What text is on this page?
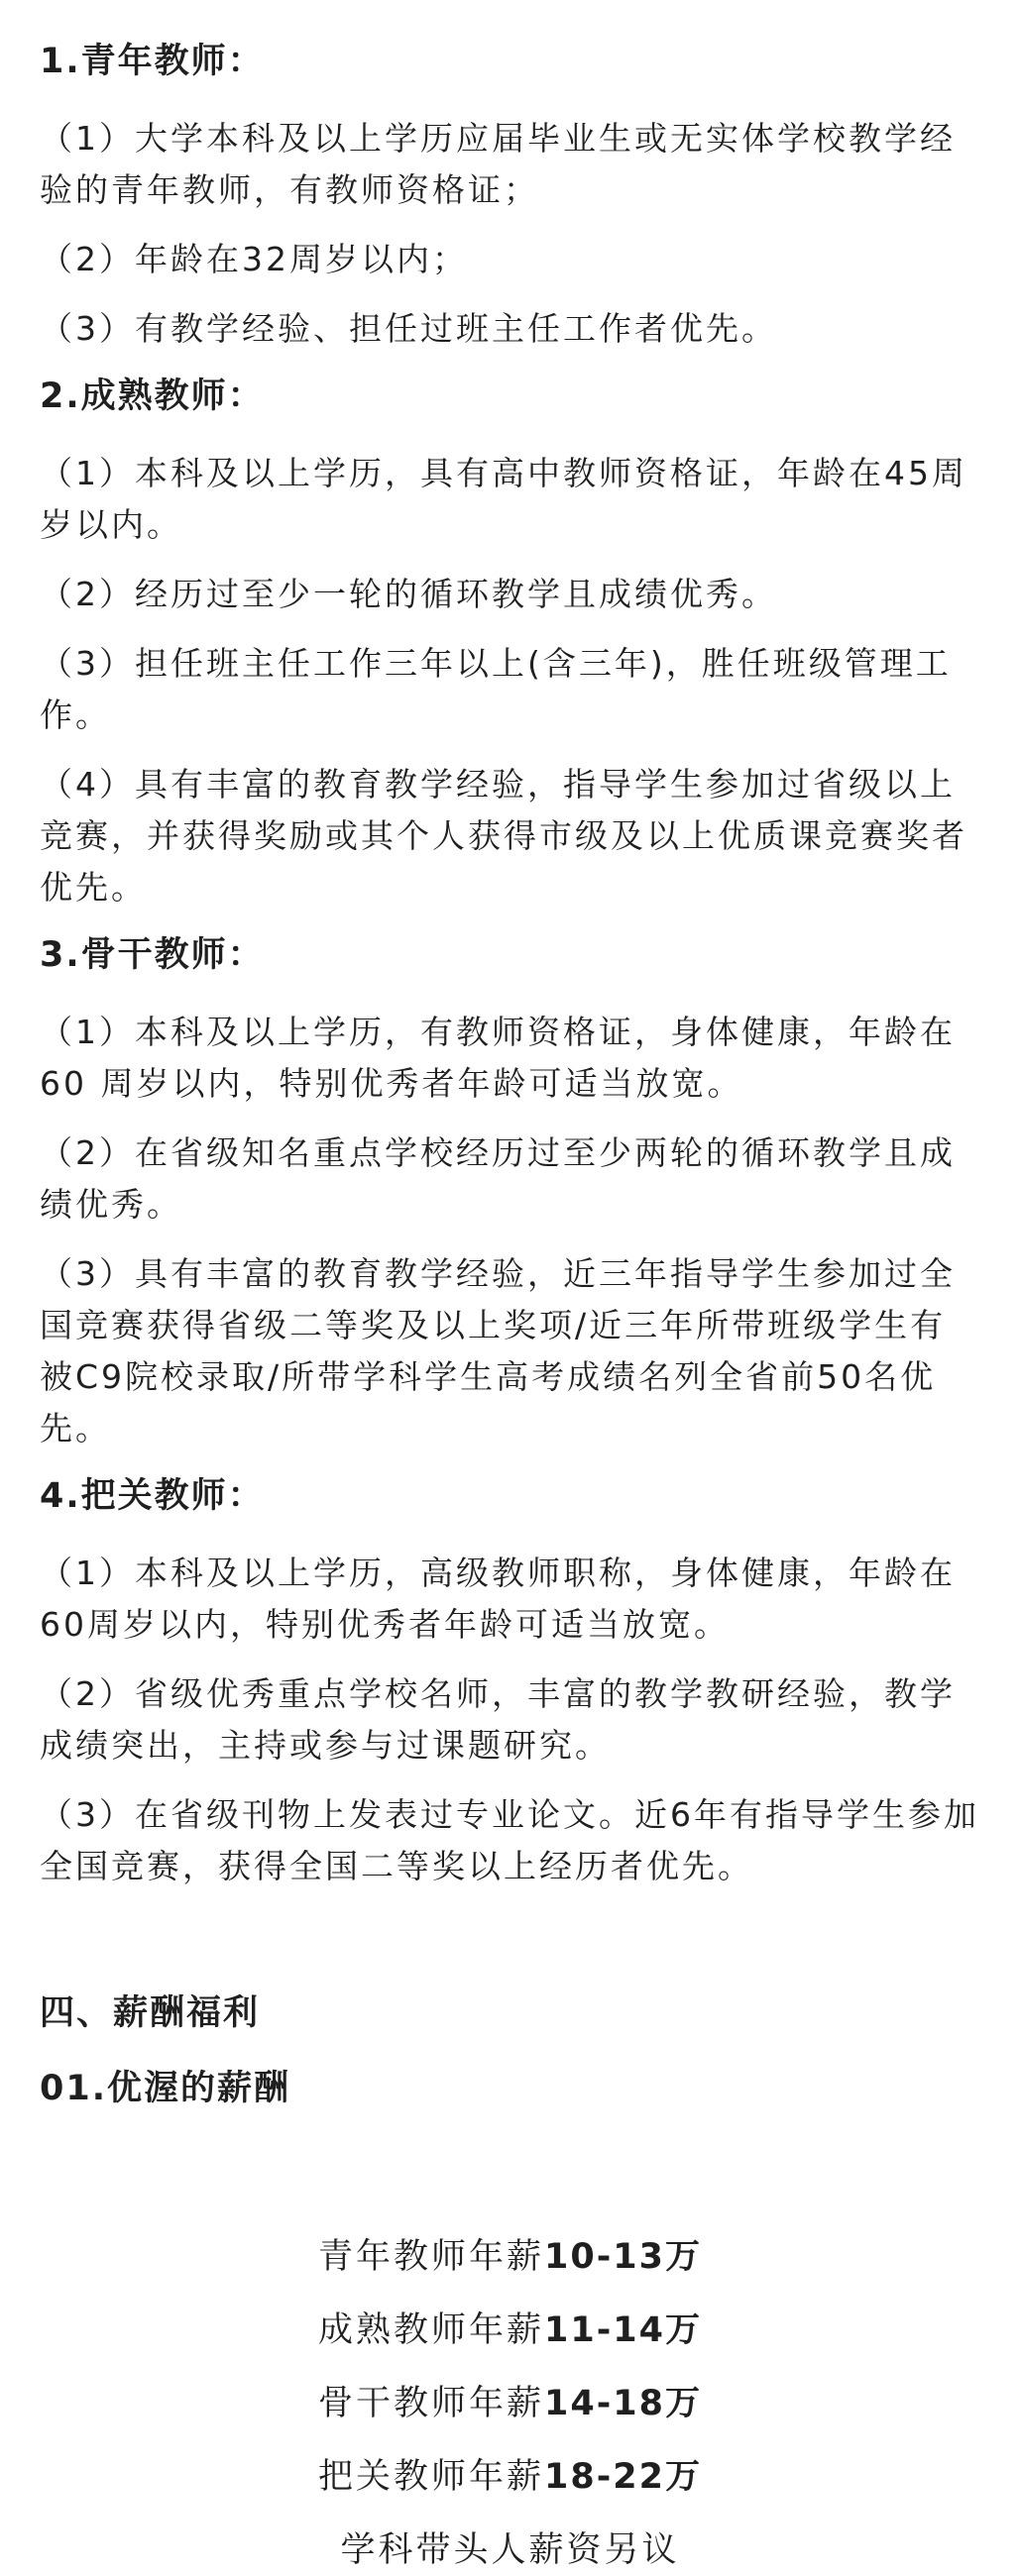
1.青年教师：
（1）大学本科及以上学历应届毕业生或无实体学校教学经验的青年教师，有教师资格证；
（2）年龄在32周岁以内；
（3）有教学经验、担任过班主任工作者优先。
2.成熟教师：
（1）本科及以上学历，具有高中教师资格证，年龄在45周岁以内。
（2）经历过至少一轮的循环教学且成绩优秀。
（3）担任班主任工作三年以上(含三年)，胜任班级管理工作。
（4）具有丰富的教育教学经验，指导学生参加过省级以上竞赛，并获得奖励或其个人获得市级及以上优质课竞赛奖者优先。
3.骨干教师：
（1）本科及以上学历，有教师资格证，身体健康，年龄在60 周岁以内，特别优秀者年龄可适当放宽。
（2）在省级知名重点学校经历过至少两轮的循环教学且成绩优秀。
（3）具有丰富的教育教学经验，近三年指导学生参加过全国竞赛获得省级二等奖及以上奖项/近三年所带班级学生有被C9院校录取/所带学科学生高考成绩名列全省前50名优先。
4.把关教师：
（1）本科及以上学历，高级教师职称，身体健康，年龄在60周岁以内，特别优秀者年龄可适当放宽。
（2）省级优秀重点学校名师，丰富的教学教研经验，教学成绩突出，主持或参与过课题研究。
（3）在省级刊物上发表过专业论文。近6年有指导学生参加全国竞赛，获得全国二等奖以上经历者优先。
四、薪酬福利
01.优渥的薪酬
青年教师年薪10-13万
成熟教师年薪11-14万
骨干教师年薪14-18万
把关教师年薪18-22万
学科带头人薪资另议
